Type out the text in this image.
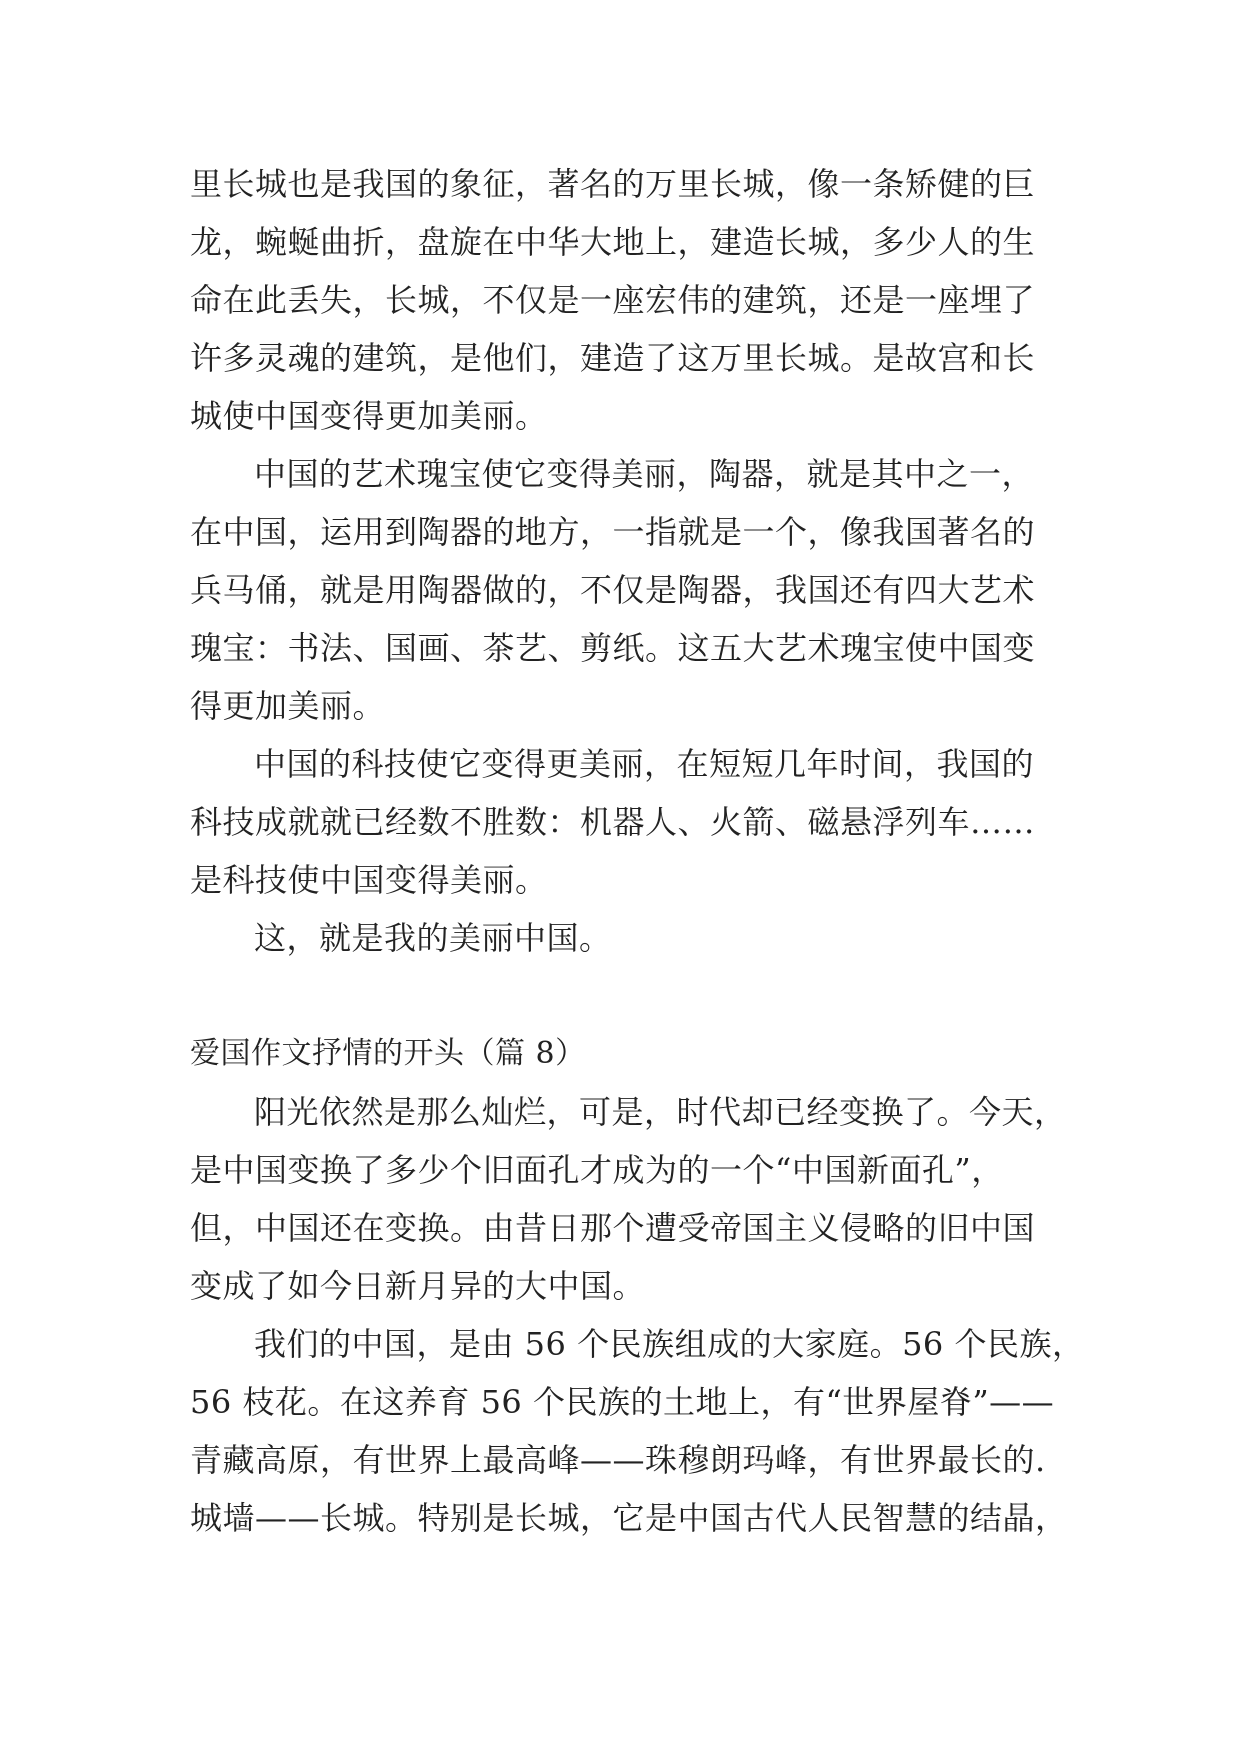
里长城也是我国的象征，著名的万里长城，像一条矫健的巨
龙，蜿蜒曲折，盘旋在中华大地上，建造长城，多少人的生
命在此丢失，长城，不仅是一座宏伟的建筑，还是一座埋了
许多灵魂的建筑，是他们，建造了这万里长城。是故宫和长
城使中国变得更加美丽。
中国的艺术瑰宝使它变得美丽，陶器，就是其中之一，
在中国，运用到陶器的地方，一指就是一个，像我国著名的
兵马俑，就是用陶器做的，不仅是陶器，我国还有四大艺术
瑰宝：书法、国画、茶艺、剪纸。这五大艺术瑰宝使中国变
得更加美丽。
中国的科技使它变得更美丽，在短短几年时间，我国的
科技成就就已经数不胜数：机器人、火箭、磁悬浮列车……
是科技使中国变得美丽。
这，就是我的美丽中国。
爱国作文抒情的开头（篇 8）
阳光依然是那么灿烂，可是，时代却已经变换了。今天，
是中国变换了多少个旧面孔才成为的一个“中国新面孔”，
但，中国还在变换。由昔日那个遭受帝国主义侵略的旧中国
变成了如今日新月异的大中国。
我们的中国，是由 56 个民族组成的大家庭。56 个民族，
56 枝花。在这养育 56 个民族的土地上，有“世界屋脊”——
青藏高原，有世界上最高峰——珠穆朗玛峰，有世界最长的.
城墙——长城。特别是长城，它是中国古代人民智慧的结晶，
